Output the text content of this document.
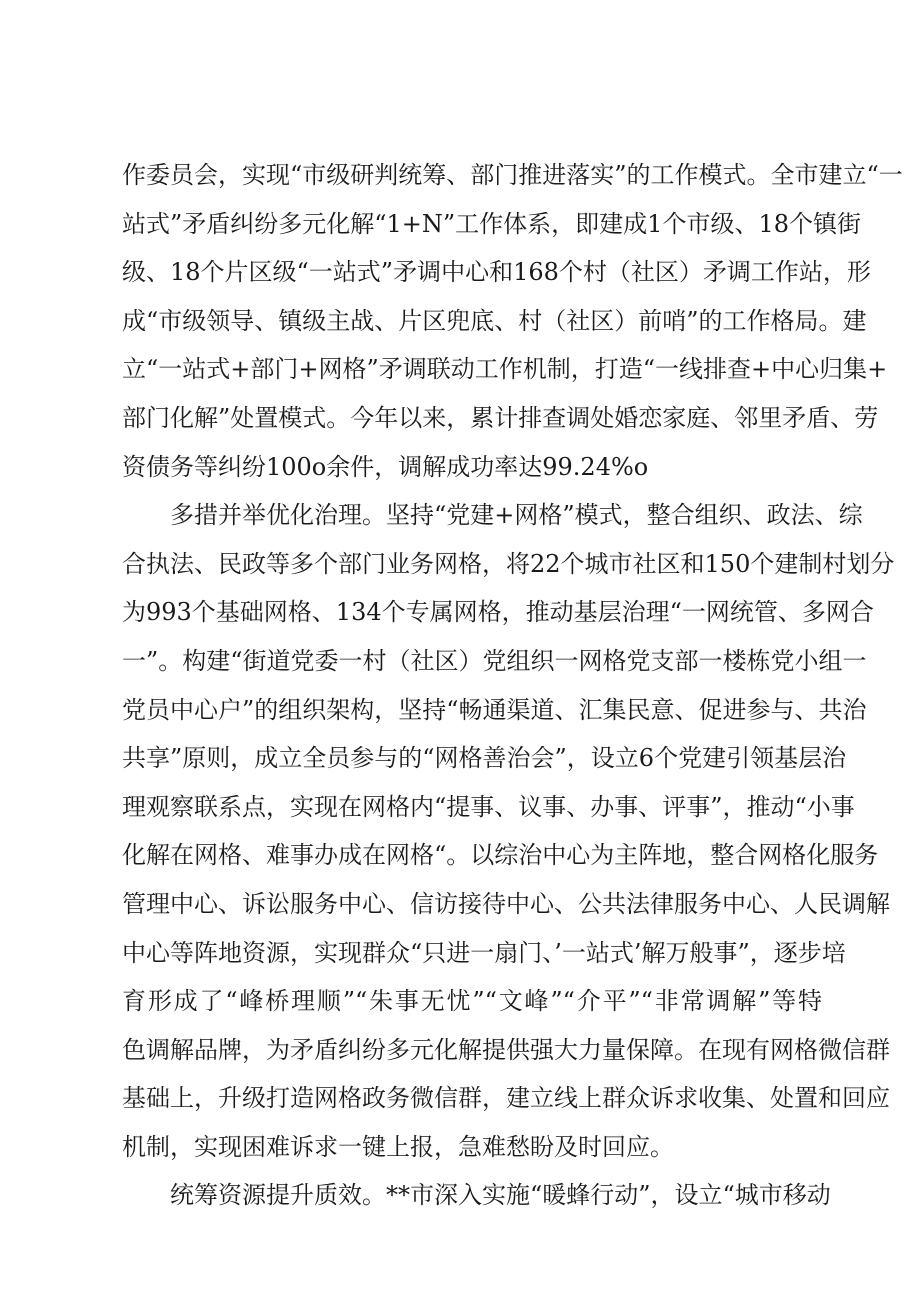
作委员会，实现“市级研判统筹、部门推进落实”的工作模式。全市建立“一
站式”矛盾纠纷多元化解“1+N”工作体系，即建成1个市级、18个镇街
级、18个片区级“一站式”矛调中心和168个村（社区）矛调工作站，形
成“市级领导、镇级主战、片区兜底、村（社区）前哨”的工作格局。建
立“一站式+部门+网格”矛调联动工作机制，打造“一线排查+中心归集+
部门化解”处置模式。今年以来，累计排查调处婚恋家庭、邻里矛盾、劳
资债务等纠纷100o余件，调解成功率达99.24%o
多措并举优化治理。坚持“党建+网格”模式，整合组织、政法、综
合执法、民政等多个部门业务网格，将22个城市社区和150个建制村划分
为993个基础网格、134个专属网格，推动基层治理“一网统管、多网合
一”。构建“街道党委一村（社区）党组织一网格党支部一楼栋党小组一
党员中心户”的组织架构，坚持“畅通渠道、汇集民意、促进参与、共治
共享”原则，成立全员参与的“网格善治会”，设立6个党建引领基层治
理观察联系点，实现在网格内“提事、议事、办事、评事”，推动“小事
化解在网格、难事办成在网格“。以综治中心为主阵地，整合网格化服务
管理中心、诉讼服务中心、信访接待中心、公共法律服务中心、人民调解
中心等阵地资源，实现群众“只进一扇门、’一站式’解万般事”，逐步培
育形成了“峰桥理顺”“朱事无忧”“文峰”“介平”“非常调解”等特
色调解品牌，为矛盾纠纷多元化解提供强大力量保障。在现有网格微信群
基础上，升级打造网格政务微信群，建立线上群众诉求收集、处置和回应
机制，实现困难诉求一键上报，急难愁盼及时回应。
统筹资源提升质效。**市深入实施“暖蜂行动”，设立“城市移动
